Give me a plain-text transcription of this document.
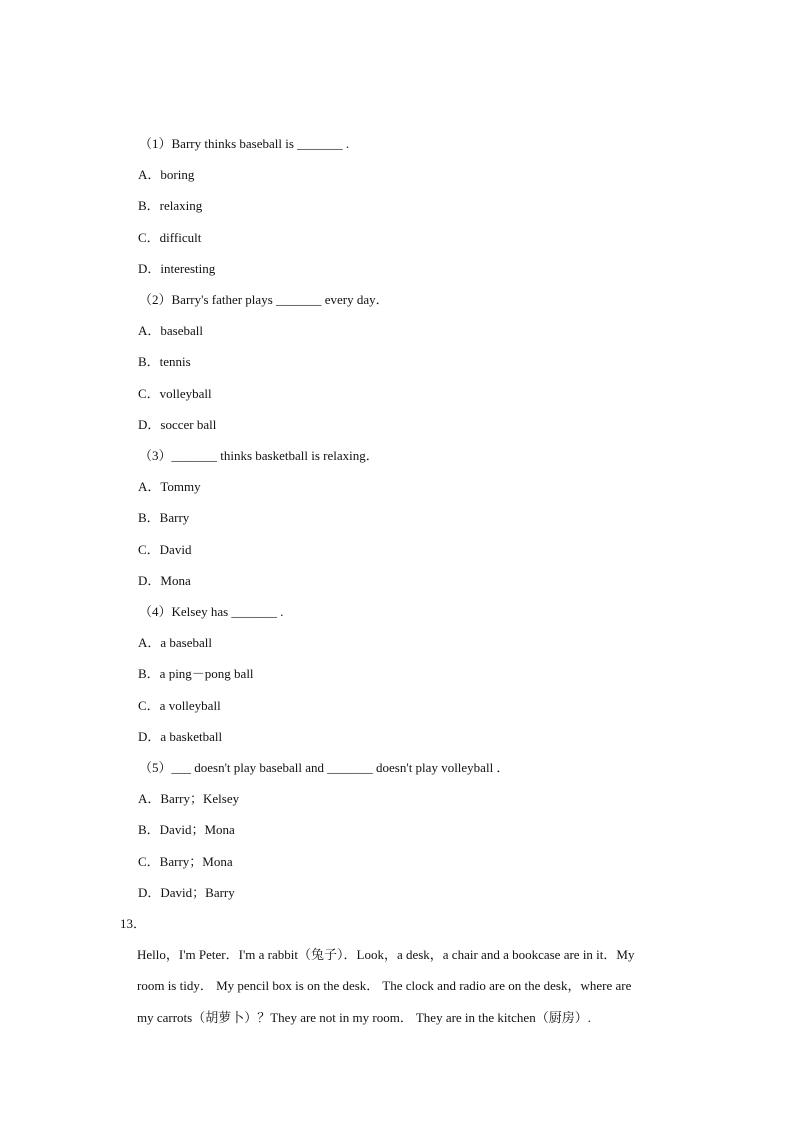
（1）Barry thinks baseball is _______ .
A．boring
B．relaxing
C．difficult
D．interesting
（2）Barry's father plays _______ every day．
A．baseball
B．tennis
C．volleyball
D．soccer ball
（3）_______ thinks basketball is relaxing．
A．Tommy
B．Barry
C．David
D．Mona
（4）Kelsey has _______ .
A．a baseball
B．a ping－pong ball
C．a volleyball
D．a basketball
（5）___ doesn't play baseball and _______ doesn't play volleyball ．
A．Barry；Kelsey
B．David；Mona
C．Barry；Mona
D．David；Barry
13．
Hello，I'm Peter．I'm a rabbit（兔子）．Look，a desk，a chair and a bookcase are in it．My
room is tidy． My pencil box is on the desk． The clock and radio are on the desk，where are
my carrots（胡萝卜）？They are not in my room． They are in the kitchen（厨房）.
